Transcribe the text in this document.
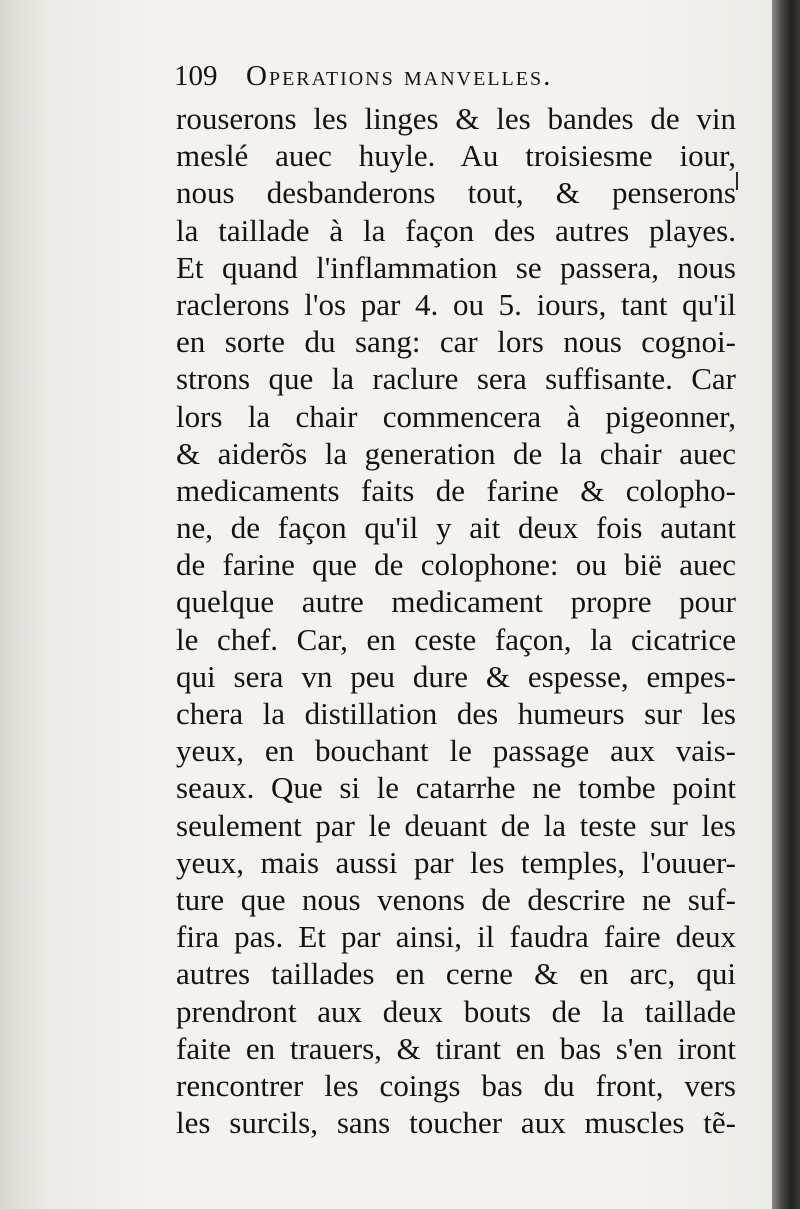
109 Operations manvelles.
rouserons les linges & les bandes de vin
meslé auec huyle. Au troisiesme iour,
nous desbanderons tout, & penserons
la taillade à la façon des autres playes.
Et quand l'inflammation se passera, nous
raclerons l'os par 4. ou 5. iours, tant qu'il
en sorte du sang: car lors nous cognoi-
strons que la raclure sera suffisante. Car
lors la chair commencera à pigeonner,
& aiderõs la generation de la chair auec
medicaments faits de farine & colopho-
ne, de façon qu'il y ait deux fois autant
de farine que de colophone: ou bië auec
quelque autre medicament propre pour
le chef. Car, en ceste façon, la cicatrice
qui sera vn peu dure & espesse, empes-
chera la distillation des humeurs sur les
yeux, en bouchant le passage aux vais-
seaux. Que si le catarrhe ne tombe point
seulement par le deuant de la teste sur les
yeux, mais aussi par les temples, l'ouuer-
ture que nous venons de descrire ne suf-
fira pas. Et par ainsi, il faudra faire deux
autres taillades en cerne & en arc, qui
prendront aux deux bouts de la taillade
faite en trauers, & tirant en bas s'en iront
rencontrer les coings bas du front, vers
les surcils, sans toucher aux muscles tẽ-
